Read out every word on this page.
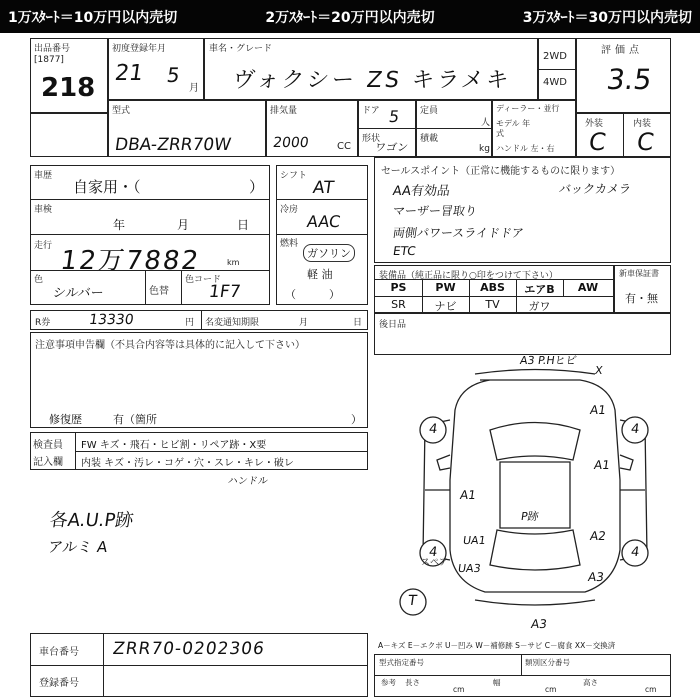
1万ｽﾀｰﾄ＝10万円以内売切	2万ｽﾀｰﾄ＝20万円以内売切	3万ｽﾀｰﾄ＝30万円以内売切
出品番号
[1877]
218
初度登録年月
21 5
月
車名・グレード
ヴォクシー ZS キラメキ
2WD
4WD
評価点
3.5
型式
DBA-ZRR70W
排気量
2000	CC
ドア 5
形状
ワゴン
定員
人
積載
kg
ディーラー・並行
モデル 年式
ハンドル 左・右
外装	内装
C C
車歴
自家用・（	）
車検
年	月	日
走行 12万7882	km
色
シルバー	色替
色コード
1F7
シフト
AT
冷房
AAC
燃料
ガソリン
軽 油
（　　　）
セールスポイント（正常に機能するものに限ります）
AA有効品	バックカメラ
マーザー冒取り
両側パワースライドドア
ETC
装備品（純正品に限り○印をつけて下さい）
PS	PW	ABS	エアB	AW
SR	ナビ	TV	ガワ
新車保証書
有・無
R券	13330	円 名変通知期限	月	日
注意事項申告欄（不具合内容等は具体的に記入して下さい）
修復歴	有（箇所	）
後日品
検査員
記入欄
FW キズ・飛石・ヒビ割・リペア跡・X要
内装 キズ・汚レ・コゲ・穴・スレ・キレ・破レ
ハンドル
各A.U.P跡
アルミ A
A3 P.Hヒビ
X
A1
A1
A1
P跡
UA1
UA3
A2
A3
A3
4	4
4	4
スペア
T
A－キズ E－エクボ U－凹み W－補修跡 S－サビ C－腐食 XX－交換済
車台番号 ZRR70-0202306
登録番号
型式指定番号	類別区分番号
参考 長さ
cm
幅
cm
高さ
cm
